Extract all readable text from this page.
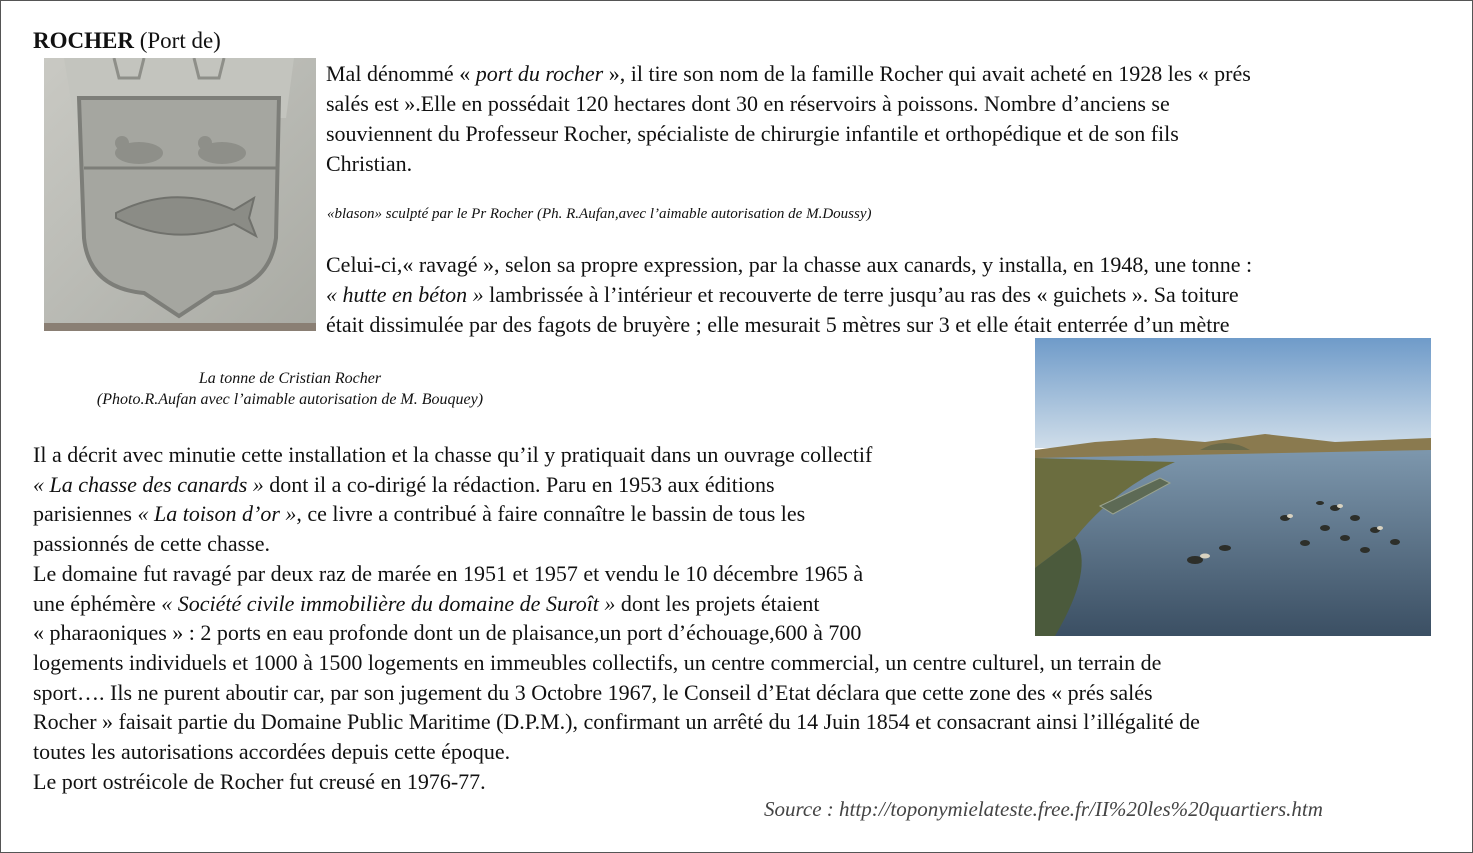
ROCHER (Port de)

Mal dénommé « port du rocher », il tire son nom de la famille Rocher qui avait acheté en 1928 les « prés
salés est ».Elle en possédait 120 hectares dont 30 en réservoirs à poissons. Nombre d’anciens se
souviennent du Professeur Rocher, spécialiste de chirurgie infantile et orthopédique et de son fils
Christian.

«blason» sculpté par le Pr Rocher (Ph. R.Aufan,avec l’aimable autorisation de M.Doussy)

Celui-ci,« ravagé », selon sa propre expression, par la chasse aux canards, y installa, en 1948, une tonne :
« hutte en béton » lambrissée à l’intérieur et recouverte de terre jusqu’au ras des « guichets ». Sa toiture
était dissimulée par des fagots de bruyère ; elle mesurait 5 mètres sur 3 et elle était enterrée d’un mètre

La tonne de Cristian Rocher
(Photo.R.Aufan avec l’aimable autorisation de M. Bouquey)
Il a décrit avec minutie cette installation et la chasse qu’il y pratiquait dans un ouvrage collectif
« La chasse des canards » dont il a co-dirigé la rédaction. Paru en 1953 aux éditions
parisiennes « La toison d’or », ce livre a contribué à faire connaître le bassin de tous les
passionnés de cette chasse.
Le domaine fut ravagé par deux raz de marée en 1951 et 1957 et vendu le 10 décembre 1965 à
une éphémère « Société civile immobilière du domaine de Suroît » dont les projets étaient
« pharaoniques » : 2 ports en eau profonde dont un de plaisance,un port d’échouage,600 à 700
logements individuels et 1000 à 1500 logements en immeubles collectifs, un centre commercial, un centre culturel, un terrain de
sport…. Ils ne purent aboutir car, par son jugement du 3 Octobre 1967, le Conseil d’Etat déclara que cette zone des « prés salés
Rocher » faisait partie du Domaine Public Maritime (D.P.M.), confirmant un arrêté du 14 Juin 1854 et consacrant ainsi l’illégalité de
toutes les autorisations accordées depuis cette époque.
Le port ostréicole de Rocher fut creusé en 1976-77.
Source : http://toponymielateste.free.fr/II%20les%20quartiers.htm
